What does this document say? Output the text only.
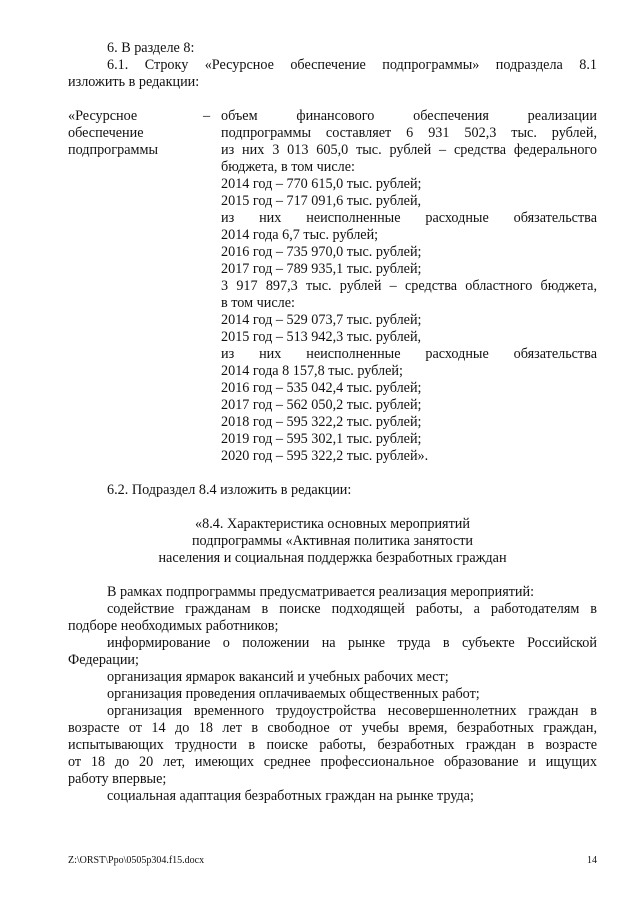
6. В разделе 8:

6.1. Строку «Ресурсное обеспечение подпрограммы» подраздела 8.1

изложить в редакции:

«Ресурсное
обеспечение
подпрограммы
– объем финансового обеспечения реализации
подпрограммы составляет 6 931 502,3 тыс. рублей,
из них 3 013 605,0 тыс. рублей – средства федерального
бюджета, в том числе:
2014 год – 770 615,0 тыс. рублей;
2015 год – 717 091,6 тыс. рублей,
из них неисполненные расходные обязательства
2014 года 6,7 тыс. рублей;
2016 год – 735 970,0 тыс. рублей;
2017 год – 789 935,1 тыс. рублей;
3 917 897,3 тыс. рублей – средства областного бюджета,
в том числе:
2014 год – 529 073,7 тыс. рублей;
2015 год – 513 942,3 тыс. рублей,
из них неисполненные расходные обязательства
2014 года 8 157,8 тыс. рублей;
2016 год – 535 042,4 тыс. рублей;
2017 год – 562 050,2 тыс. рублей;
2018 год – 595 322,2 тыс. рублей;
2019 год – 595 302,1 тыс. рублей;
2020 год – 595 322,2 тыс. рублей».

6.2. Подраздел 8.4 изложить в редакции:

«8.4. Характеристика основных мероприятий

подпрограммы «Активная политика занятости

населения и социальная поддержка безработных граждан

В рамках подпрограммы предусматривается реализация мероприятий:

содействие гражданам в поиске подходящей работы, а работодателям в

подборе необходимых работников;

информирование о положении на рынке труда в субъекте Российской

Федерации;

организация ярмарок вакансий и учебных рабочих мест;

организация проведения оплачиваемых общественных работ;

организация временного трудоустройства несовершеннолетних граждан в

возрасте от 14 до 18 лет в свободное от учебы время, безработных граждан,

испытывающих трудности в поиске работы, безработных граждан в возрасте

от 18 до 20 лет, имеющих среднее профессиональное образование и ищущих

работу впервые;

социальная адаптация безработных граждан на рынке труда;

Z:\ORST\Ppo\0505p304.f15.docx	14
